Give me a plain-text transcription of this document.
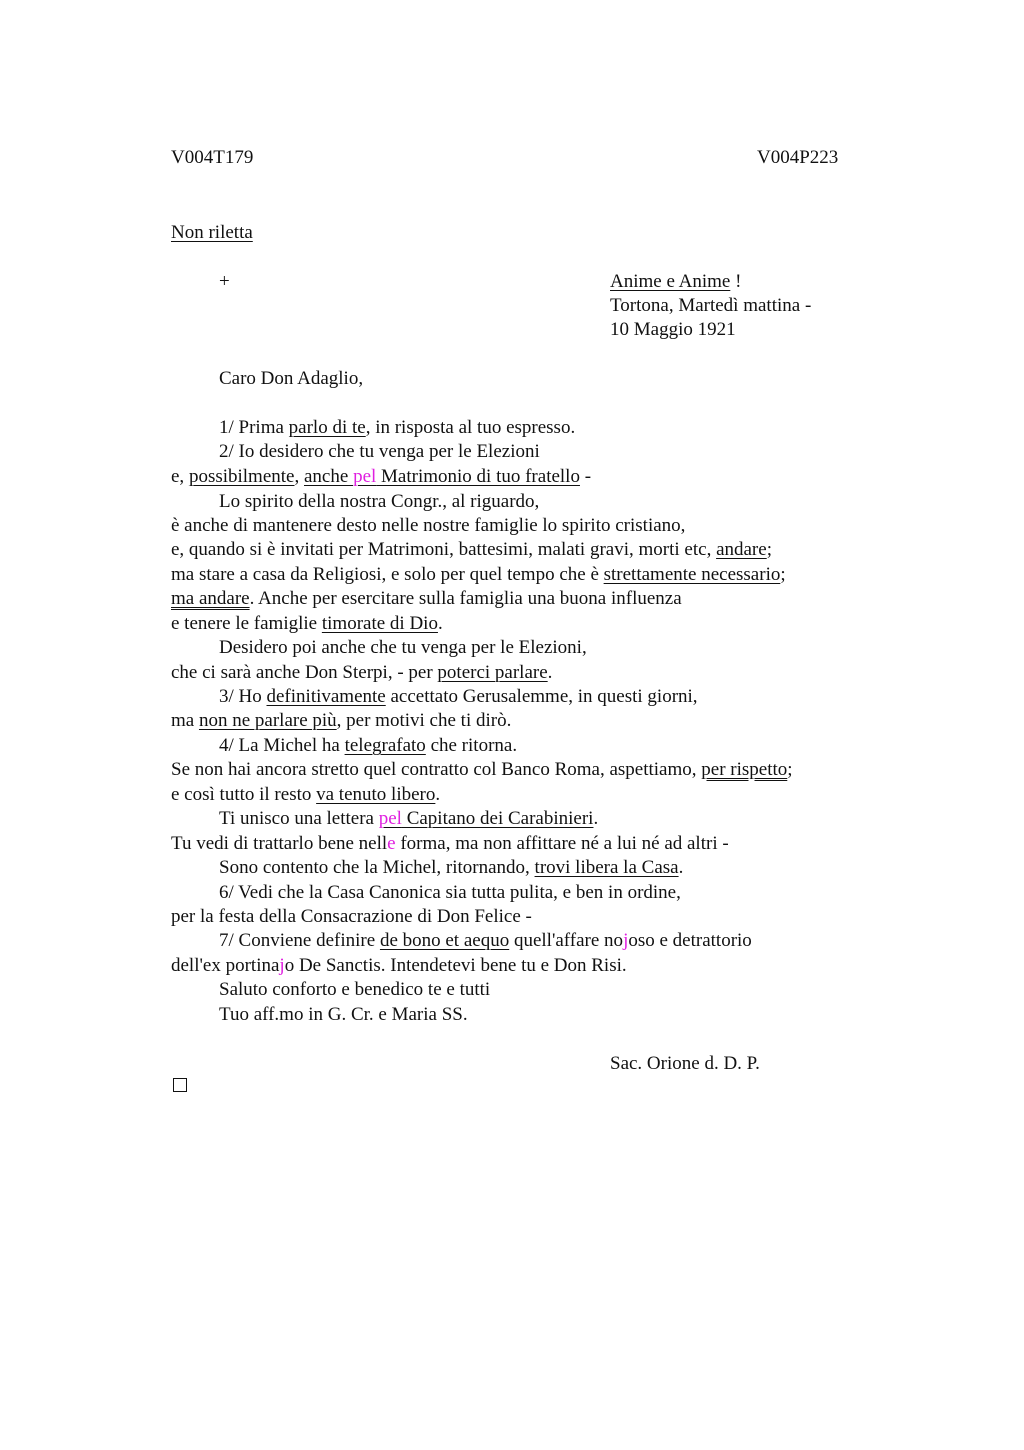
V004T179	V004P223
Non riletta
+	Anime e Anime !
Tortona, Martedì mattina -
10 Maggio 1921
Caro Don Adaglio,
1/ Prima parlo di te, in risposta al tuo espresso.
2/ Io desidero che tu venga per le Elezioni
e, possibilmente, anche pel Matrimonio di tuo fratello -
Lo spirito della nostra Congr., al riguardo,
è anche di mantenere desto nelle nostre famiglie lo spirito cristiano,
e, quando si è invitati per Matrimoni, battesimi, malati gravi, morti etc, andare;
ma stare a casa da Religiosi, e solo per quel tempo che è strettamente necessario;
ma andare. Anche per esercitare sulla famiglia una buona influenza
e tenere le famiglie timorate di Dio.
Desidero poi anche che tu venga per le Elezioni,
che ci sarà anche Don Sterpi, - per poterci parlare.
3/ Ho definitivamente accettato Gerusalemme, in questi giorni,
ma non ne parlare più, per motivi che ti dirò.
4/ La Michel ha telegrafato che ritorna.
Se non hai ancora stretto quel contratto col Banco Roma, aspettiamo, per rispetto;
e così tutto il resto va tenuto libero.
Ti unisco una lettera pel Capitano dei Carabinieri.
Tu vedi di trattarlo bene nelle forma, ma non affittare né a lui né ad altri -
Sono contento che la Michel, ritornando, trovi libera la Casa.
6/ Vedi che la Casa Canonica sia tutta pulita, e ben in ordine,
per la festa della Consacrazione di Don Felice -
7/ Conviene definire de bono et aequo quell'affare nojoso e detrattorio
dell'ex portinajo De Sanctis. Intendetevi bene tu e Don Risi.
Saluto conforto e benedico te e tutti
Tuo aff.mo in G. Cr. e Maria SS.
Sac. Orione d. D. P.
